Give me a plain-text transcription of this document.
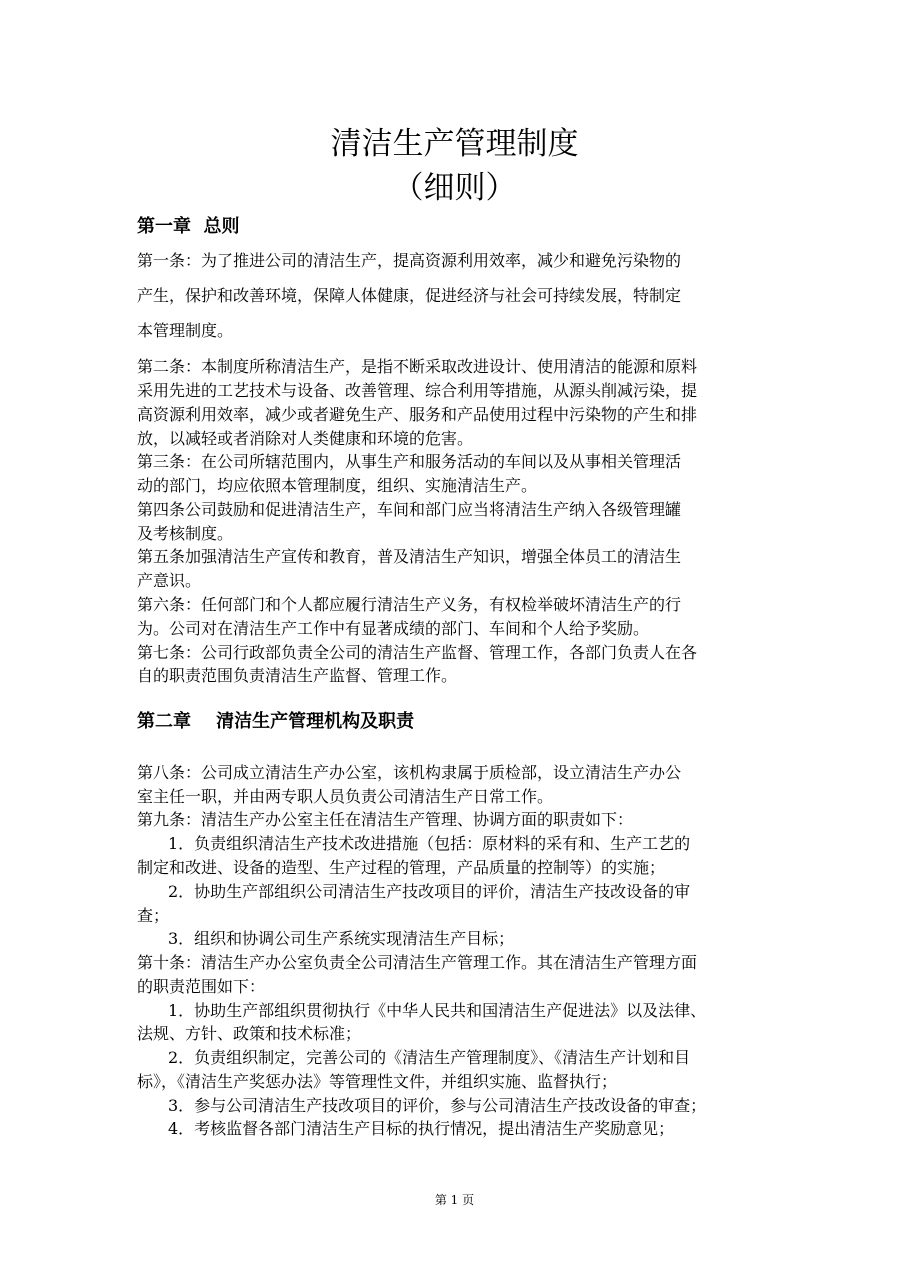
清洁生产管理制度
（细则）
第一章  总则
第一条：为了推进公司的清洁生产，提高资源利用效率，减少和避免污染物的
产生，保护和改善环境，保障人体健康，促进经济与社会可持续发展，特制定
本管理制度。
第二条：本制度所称清洁生产，是指不断采取改进设计、使用清洁的能源和原料
采用先进的工艺技术与设备、改善管理、综合利用等措施，从源头削减污染，提
高资源利用效率，减少或者避免生产、服务和产品使用过程中污染物的产生和排
放，以减轻或者消除对人类健康和环境的危害。
第三条：在公司所辖范围内，从事生产和服务活动的车间以及从事相关管理活
动的部门，均应依照本管理制度，组织、实施清洁生产。
第四条公司鼓励和促进清洁生产，车间和部门应当将清洁生产纳入各级管理罐
及考核制度。
第五条加强清洁生产宣传和教育，普及清洁生产知识，增强全体员工的清洁生
产意识。
第六条：任何部门和个人都应履行清洁生产义务，有权检举破坏清洁生产的行
为。公司对在清洁生产工作中有显著成绩的部门、车间和个人给予奖励。
第七条：公司行政部负责全公司的清洁生产监督、管理工作，各部门负责人在各
自的职责范围负责清洁生产监督、管理工作。
第二章    清洁生产管理机构及职责
第八条：公司成立清洁生产办公室，该机构隶属于质检部，设立清洁生产办公
室主任一职，并由两专职人员负责公司清洁生产日常工作。
第九条：清洁生产办公室主任在清洁生产管理、协调方面的职责如下：
1．负责组织清洁生产技术改进措施（包括：原材料的采有和、生产工艺的
制定和改进、设备的造型、生产过程的管理，产品质量的控制等）的实施；
2．协助生产部组织公司清洁生产技改项目的评价，清洁生产技改设备的审
查；
3．组织和协调公司生产系统实现清洁生产目标；
第十条：清洁生产办公室负责全公司清洁生产管理工作。其在清洁生产管理方面
的职责范围如下：
1．协助生产部组织贯彻执行《中华人民共和国清洁生产促进法》以及法律、
法规、方针、政策和技术标准；
2．负责组织制定，完善公司的《清洁生产管理制度》、《清洁生产计划和目
标》，《清洁生产奖惩办法》等管理性文件，并组织实施、监督执行；
3．参与公司清洁生产技改项目的评价，参与公司清洁生产技改设备的审查；
4．考核监督各部门清洁生产目标的执行情况，提出清洁生产奖励意见；
第 1 页
